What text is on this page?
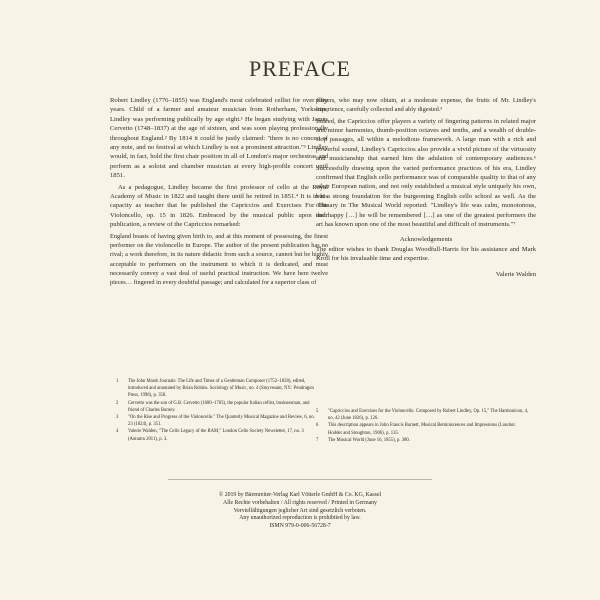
PREFACE

Robert Lindley (1776–1855) was England's most celebrated cellist for over fifty years. Child of a farmer and amateur musician from Rotherham, Yorkshire, Lindley was performing publically by age eight.¹ He began studying with James Cervetto (1748–1837) at the age of sixteen, and was soon playing professionally throughout England.² By 1814 it could be justly claimed: "there is no concert of any note, and no festival at which Lindley is not a prominent attraction."³ Lindley would, in fact, hold the first chair position in all of London's major orchestras and perform as a soloist and chamber musician at every high-profile concert until 1851.

As a pedagogue, Lindley became the first professor of cello at the Royal Academy of Music in 1822 and taught there until he retired in 1851.⁴ It is in his capacity as teacher that he published the Capriccios and Exercises For The Violoncello, op. 15 in 1826. Embraced by the musical public upon their publication, a review of the Capriccios remarked:

England boasts of having given birth to, and at this moment of possessing, the finest performer on the violoncello in Europe. The author of the present publication has no rival; a work therefore, in its nature didactic from such a source, cannot but be highly acceptable to performers on the instrument to which it is dedicated, and must necessarily convey a vast deal of useful practical instruction. We have here twelve pieces… fingered in every doubtful passage; and calculated for a superior class of

players, who may now obtain, at a moderate expense, the fruits of Mr. Lindley's experience, carefully collected and ably digested.⁵

Indeed, the Capriccios offer players a variety of fingering patterns in related major and minor harmonies, thumb-position octaves and tenths, and a wealth of double-stop passages, all within a melodious framework. A large man with a rich and powerful sound, Lindley's Capriccios also provide a vivid picture of the virtuosity and musicianship that earned him the adulation of contemporary audiences.⁶ Successfully drawing upon the varied performance practices of his era, Lindley confirmed that English cello performance was of comparable quality to that of any other European nation, and not only established a musical style uniquely his own, but a strong foundation for the burgeoning English cello school as well. As the obituary in The Musical World reported: "Lindley's life was calm, monotonous, and happy […] he will be remembered […] as one of the greatest performers the art has known upon one of the most beautiful and difficult of instruments."⁷

Acknowledgements

The editor wishes to thank Douglas Woodfull-Harris for his assistance and Mark Kroll for his invaluable time and expertise.

Valerie Walden
1	The John Marsh Journals: The Life and Times of a Gentleman Composer (1752–1828), edited, introduced and annotated by Brian Robins. Sociology of Music, no. 4 (Stuyvesant, NY.: Pendragon Press, 1998), p. 358.
2	Cervetto was the son of G.B. Cervetto (1680–1783), the popular Italian cellist, businessman, and friend of Charles Burney.
3	"On the Rise and Progress of the Violoncello." The Quarterly Musical Magazine and Review, 6, no. 23 (1824), p. 351.
4	Valerie Walden, "The Cello Legacy of the RAM," London Cello Society Newsletter, 17, no. 3 (Autumn 2011), p. 3.
5	"Capriccios and Exercises for the Violoncello. Composed by Robert Lindley, Op. 15," The Harmonicon, 4, no. 42 (June 1826), p. 126.
6	This description appears in John Francis Barnett, Musical Reminiscences and Impressions (London: Hodder and Stoughton, 1906), p. 135.
7	The Musical World (June 16, 1855), p. 380.
© 2019 by Bärenreiter-Verlag Karl Vötterle GmbH & Co. KG, Kassel
Alle Rechte vorbehalten / All rights reserved / Printed in Germany
Vervielfältigungen jeglicher Art sind gesetzlich verboten.
Any unauthorized reproduction is prohibited by law.
ISMN 979-0-006-56728-7
